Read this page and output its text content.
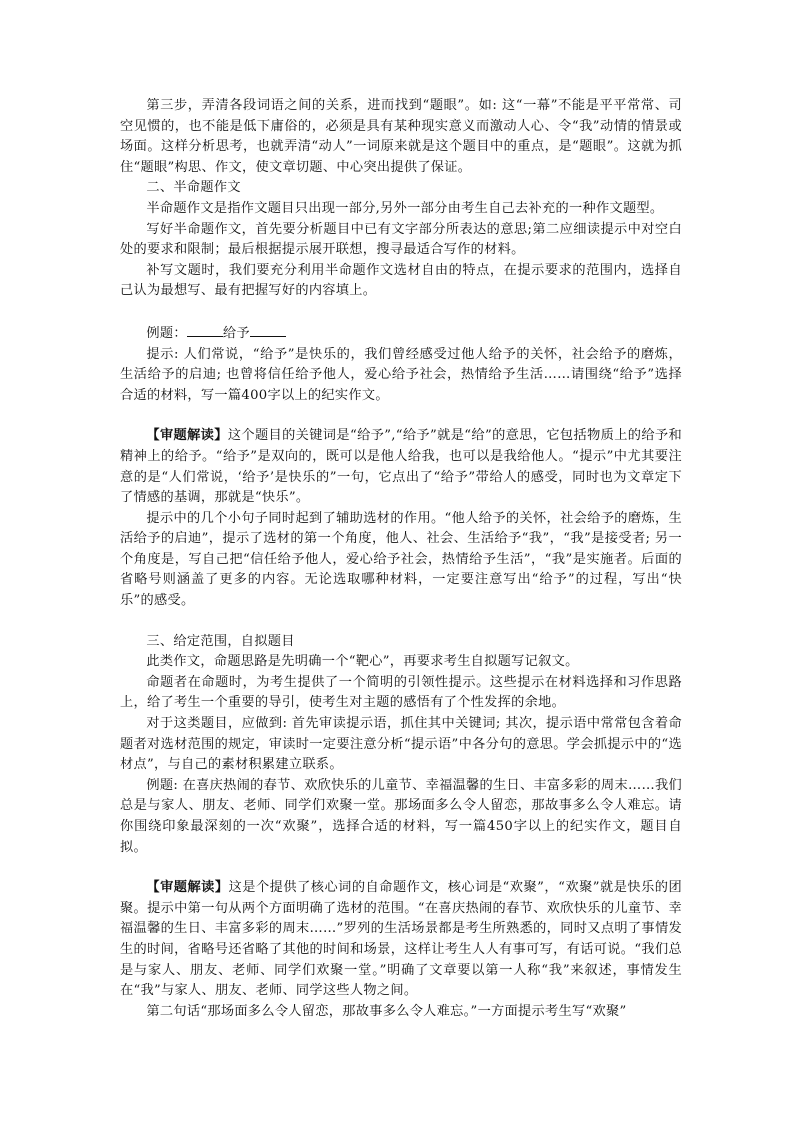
第三步，弄清各段词语之间的关系，进而找到“题眼”。如: 这“一幕”不能是平平常常、司空见惯的，也不能是低下庸俗的，必须是具有某种现实意义而激动人心、令“我”动情的情景或场面。这样分析思考，也就弄清“动人”一词原来就是这个题目中的重点，是“题眼”。这就为抓住“题眼”构思、作文，使文章切题、中心突出提供了保证。

二、半命题作文

半命题作文是指作文题目只出现一部分,另外一部分由考生自己去补充的一种作文题型。

写好半命题作文，首先要分析题目中已有文字部分所表达的意思;第二应细读提示中对空白处的要求和限制；最后根据提示展开联想，搜寻最适合写作的材料。

补写文题时，我们要充分利用半命题作文选材自由的特点，在提示要求的范围内，选择自己认为最想写、最有把握写好的内容填上。

例题：	给予

提示: 人们常说，“给予”是快乐的，我们曾经感受过他人给予的关怀，社会给予的磨炼，生活给予的启迪; 也曾将信任给予他人，爱心给予社会，热情给予生活……请围绕“给予”选择合适的材料，写一篇400字以上的纪实作文。

【审题解读】这个题目的关键词是“给予”,“给予”就是“给”的意思，它包括物质上的给予和精神上的给予。“给予”是双向的，既可以是他人给我，也可以是我给他人。“提示”中尤其要注意的是“人们常说，‘给予’是快乐的”一句，它点出了“给予”带给人的感受，同时也为文章定下了情感的基调，那就是“快乐”。

提示中的几个小句子同时起到了辅助选材的作用。“他人给予的关怀，社会给予的磨炼，生活给予的启迪”，提示了选材的第一个角度，他人、社会、生活给予“我”，“我”是接受者; 另一个角度是，写自己把“信任给予他人，爱心给予社会，热情给予生活”，“我”是实施者。后面的省略号则涵盖了更多的内容。无论选取哪种材料，一定要注意写出“给予”的过程，写出“快乐”的感受。

三、给定范围，自拟题目

此类作文，命题思路是先明确一个“靶心”，再要求考生自拟题写记叙文。

命题者在命题时，为考生提供了一个简明的引领性提示。这些提示在材料选择和习作思路上，给了考生一个重要的导引，使考生对主题的感悟有了个性发挥的余地。

对于这类题目，应做到: 首先审读提示语，抓住其中关键词; 其次，提示语中常常包含着命题者对选材范围的规定，审读时一定要注意分析“提示语”中各分句的意思。学会抓提示中的“选材点”，与自己的素材积累建立联系。

例题: 在喜庆热闹的春节、欢欣快乐的儿童节、幸福温馨的生日、丰富多彩的周末……我们总是与家人、朋友、老师、同学们欢聚一堂。那场面多么令人留恋，那故事多么令人难忘。请你围绕印象最深刻的一次“欢聚”，选择合适的材料，写一篇450字以上的纪实作文，题目自拟。

【审题解读】这是个提供了核心词的自命题作文，核心词是“欢聚”，“欢聚”就是快乐的团聚。提示中第一句从两个方面明确了选材的范围。“在喜庆热闹的春节、欢欣快乐的儿童节、幸福温馨的生日、丰富多彩的周末……”罗列的生活场景都是考生所熟悉的，同时又点明了事情发生的时间，省略号还省略了其他的时间和场景，这样让考生人人有事可写，有话可说。“我们总是与家人、朋友、老师、同学们欢聚一堂。”明确了文章要以第一人称“我”来叙述，事情发生在“我”与家人、朋友、老师、同学这些人物之间。

第二句话“那场面多么令人留恋，那故事多么令人难忘。”一方面提示考生写“欢聚”
